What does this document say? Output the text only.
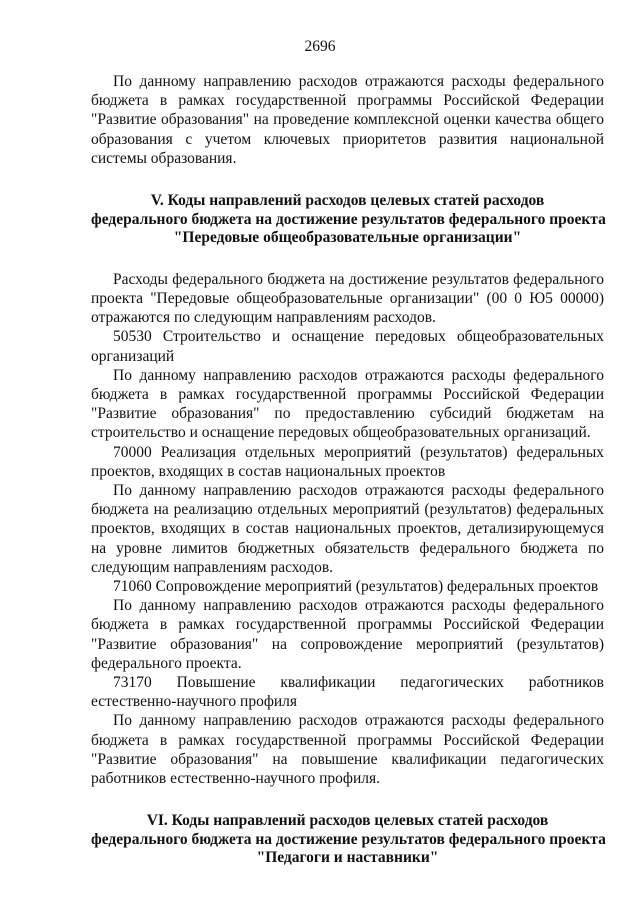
2696

По данному направлению расходов отражаются расходы федерального бюджета в рамках государственной программы Российской Федерации "Развитие образования" на проведение комплексной оценки качества общего образования с учетом ключевых приоритетов развития национальной системы образования.

V. Коды направлений расходов целевых статей расходов
федерального бюджета на достижение результатов федерального проекта
"Передовые общеобразовательные организации"

Расходы федерального бюджета на достижение результатов федерального проекта "Передовые общеобразовательные организации" (00 0 Ю5 00000) отражаются по следующим направлениям расходов.

50530 Строительство и оснащение передовых общеобразовательных организаций

По данному направлению расходов отражаются расходы федерального бюджета в рамках государственной программы Российской Федерации "Развитие образования" по предоставлению субсидий бюджетам на строительство и оснащение передовых общеобразовательных организаций.

70000 Реализация отдельных мероприятий (результатов) федеральных проектов, входящих в состав национальных проектов

По данному направлению расходов отражаются расходы федерального бюджета на реализацию отдельных мероприятий (результатов) федеральных проектов, входящих в состав национальных проектов, детализирующемуся на уровне лимитов бюджетных обязательств федерального бюджета по следующим направлениям расходов.

71060 Сопровождение мероприятий (результатов) федеральных проектов

По данному направлению расходов отражаются расходы федерального бюджета в рамках государственной программы Российской Федерации "Развитие образования" на сопровождение мероприятий (результатов) федерального проекта.

73170 Повышение квалификации педагогических работников естественно-научного профиля

По данному направлению расходов отражаются расходы федерального бюджета в рамках государственной программы Российской Федерации "Развитие образования" на повышение квалификации педагогических работников естественно-научного профиля.

VI. Коды направлений расходов целевых статей расходов
федерального бюджета на достижение результатов федерального проекта
"Педагоги и наставники"
